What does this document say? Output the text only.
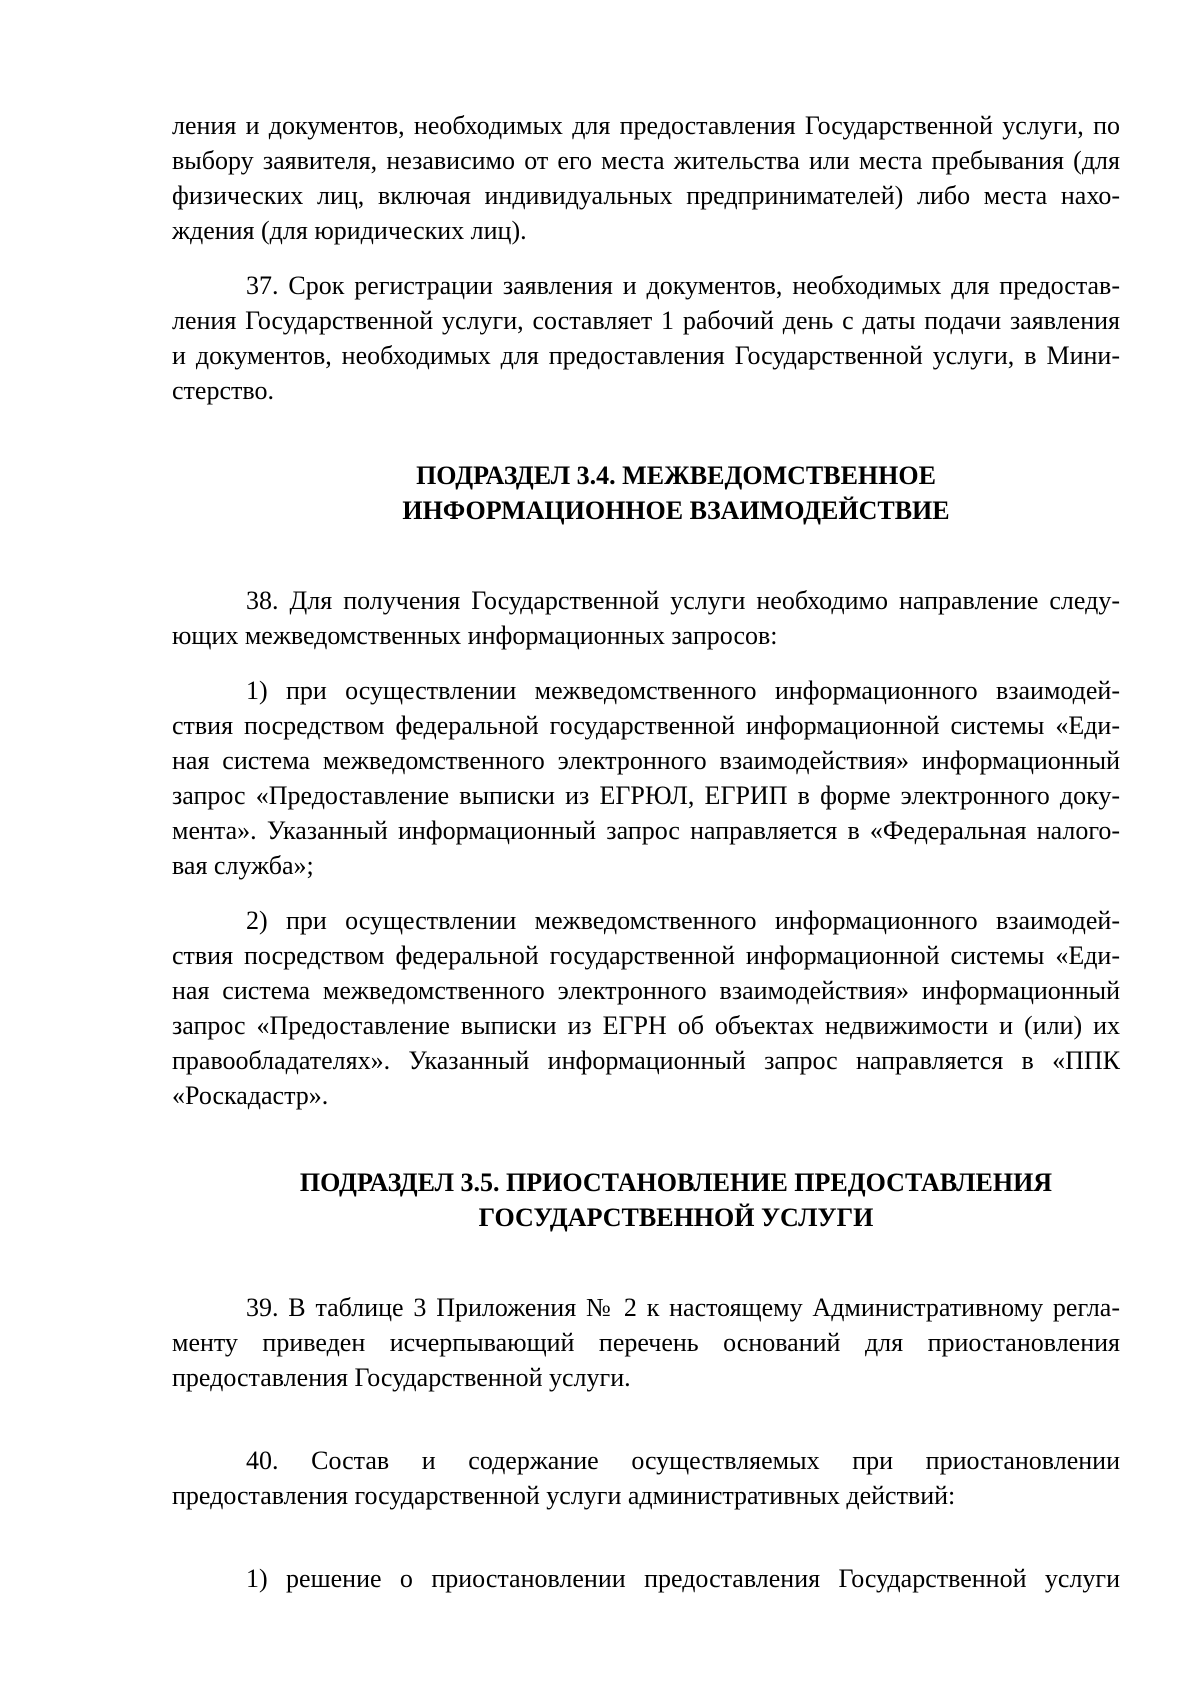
ления и документов, необходимых для предоставления Государственной услуги, по
выбору заявителя, независимо от его места жительства или места пребывания (для
физических лиц, включая индивидуальных предпринимателей) либо места нахо-
ждения (для юридических лиц).
37. Срок регистрации заявления и документов, необходимых для предостав-
ления Государственной услуги, составляет 1 рабочий день с даты подачи заявления
и документов, необходимых для предоставления Государственной услуги, в Мини-
стерство.
ПОДРАЗДЕЛ 3.4. МЕЖВЕДОМСТВЕННОЕ
ИНФОРМАЦИОННОЕ ВЗАИМОДЕЙСТВИЕ
38. Для получения Государственной услуги необходимо направление следу-
ющих межведомственных информационных запросов:
1) при осуществлении межведомственного информационного взаимодей-
ствия посредством федеральной государственной информационной системы «Еди-
ная система межведомственного электронного взаимодействия» информационный
запрос «Предоставление выписки из ЕГРЮЛ, ЕГРИП в форме электронного доку-
мента». Указанный информационный запрос направляется в «Федеральная налого-
вая служба»;
2) при осуществлении межведомственного информационного взаимодей-
ствия посредством федеральной государственной информационной системы «Еди-
ная система межведомственного электронного взаимодействия» информационный
запрос «Предоставление выписки из ЕГРН об объектах недвижимости и (или) их
правообладателях». Указанный информационный запрос направляется в «ППК
«Роскадастр».
ПОДРАЗДЕЛ 3.5. ПРИОСТАНОВЛЕНИЕ ПРЕДОСТАВЛЕНИЯ
ГОСУДАРСТВЕННОЙ УСЛУГИ
39. В таблице 3 Приложения № 2 к настоящему Административному регла-
менту приведен исчерпывающий перечень оснований для приостановления
предоставления Государственной услуги.
40. Состав и содержание осуществляемых при приостановлении
предоставления государственной услуги административных действий:
1) решение о приостановлении предоставления Государственной услуги
